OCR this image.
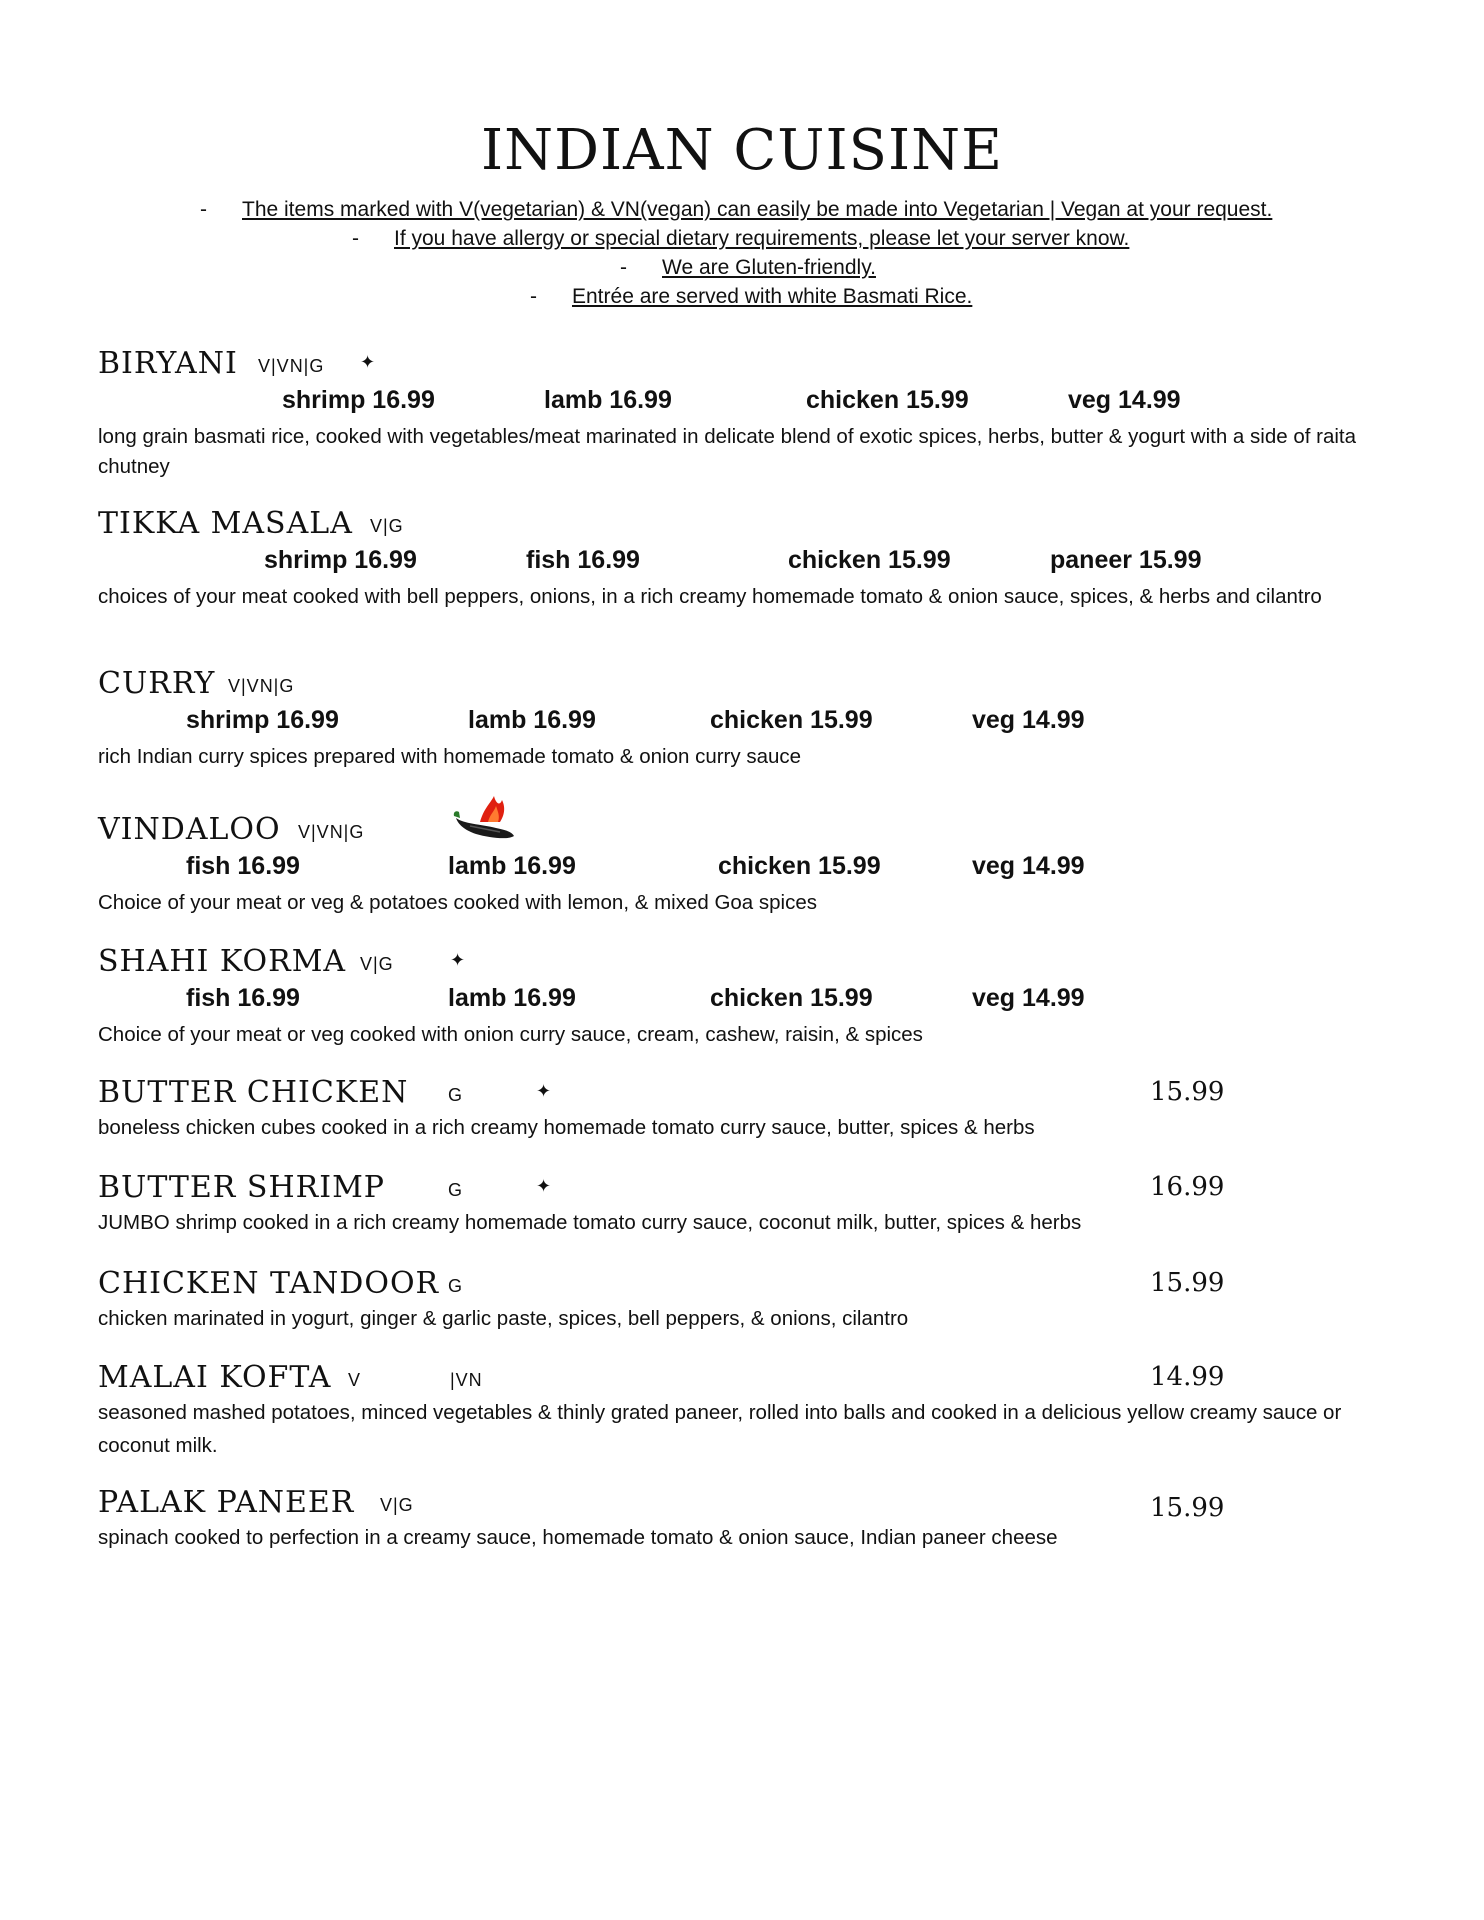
INDIAN CUISINE
- The items marked with V(vegetarian) & VN(vegan) can easily be made into Vegetarian | Vegan at your request.
- If you have allergy or special dietary requirements, please let your server know.
- We are Gluten-friendly.
- Entrée are served with white Basmati Rice.
BIRYANI V|VN|G ✦
shrimp 16.99	lamb 16.99	chicken 15.99	veg 14.99
long grain basmati rice, cooked with vegetables/meat marinated in delicate blend of exotic spices, herbs, butter & yogurt with a side of raita chutney
TIKKA MASALA V|G
shrimp 16.99	fish 16.99	chicken 15.99	paneer 15.99
choices of your meat cooked with bell peppers, onions, in a rich creamy homemade tomato & onion sauce, spices, & herbs and cilantro
CURRY V|VN|G
shrimp 16.99	lamb 16.99	chicken 15.99	veg 14.99
rich Indian curry spices prepared with homemade tomato & onion curry sauce
VINDALOO V|VN|G
fish 16.99	lamb 16.99	chicken 15.99	veg 14.99
Choice of your meat or veg & potatoes cooked with lemon, & mixed Goa spices
SHAHI KORMA V|G	✦
fish 16.99	lamb 16.99	chicken 15.99	veg 14.99
Choice of your meat or veg cooked with onion curry sauce, cream, cashew, raisin, & spices
BUTTER CHICKEN G	✦	15.99
boneless chicken cubes cooked in a rich creamy homemade tomato curry sauce, butter, spices & herbs
BUTTER SHRIMP	G	✦	16.99
JUMBO shrimp cooked in a rich creamy homemade tomato curry sauce, coconut milk, butter, spices & herbs
CHICKEN TANDOOR G	15.99
chicken marinated in yogurt, ginger & garlic paste, spices, bell peppers, & onions, cilantro
MALAI KOFTA V	|VN	14.99
seasoned mashed potatoes, minced vegetables & thinly grated paneer, rolled into balls and cooked in a delicious yellow creamy sauce or coconut milk.
PALAK PANEER V|G	15.99
spinach cooked to perfection in a creamy sauce, homemade tomato & onion sauce, Indian paneer cheese
